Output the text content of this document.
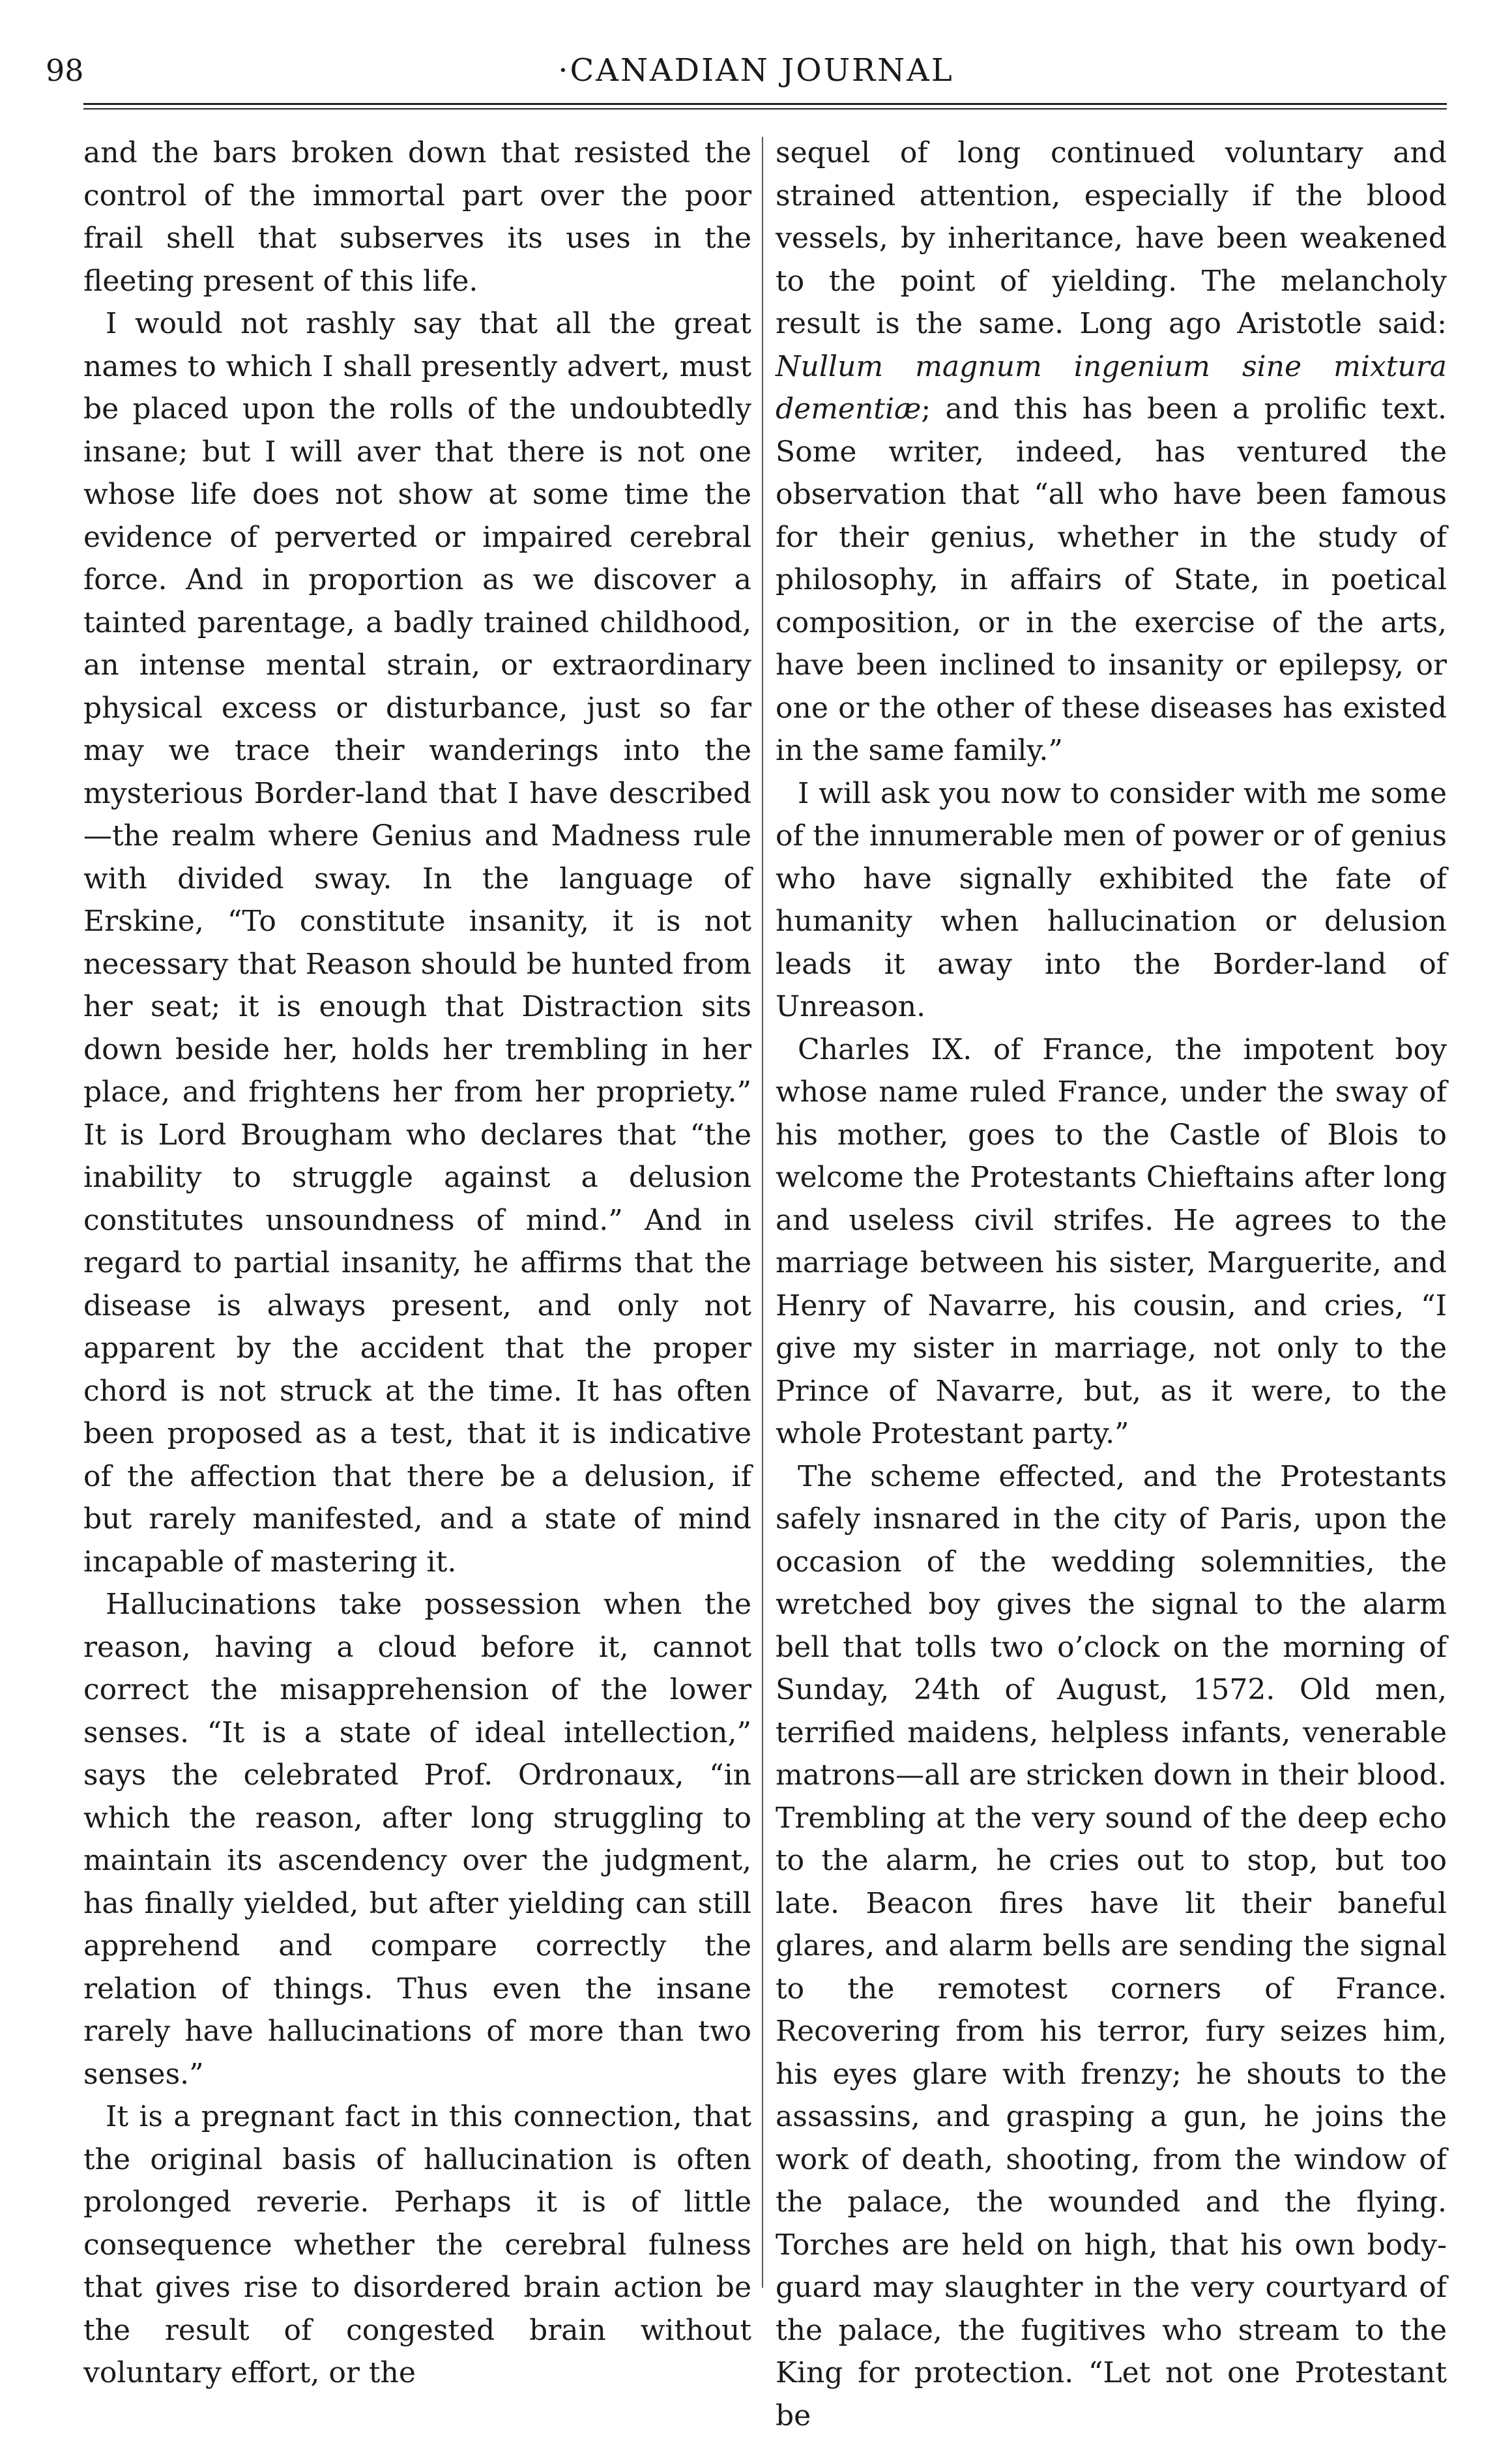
98	·CANADIAN JOURNAL

and the bars broken down that resisted the control of the immortal part over the poor frail shell that subserves its uses in the fleeting present of this life.

I would not rashly say that all the great names to which I shall presently advert, must be placed upon the rolls of the undoubtedly insane; but I will aver that there is not one whose life does not show at some time the evidence of perverted or impaired cerebral force. And in proportion as we discover a tainted parentage, a badly trained childhood, an intense mental strain, or extraordinary physical excess or disturbance, just so far may we trace their wanderings into the mysterious Border-land that I have described—the realm where Genius and Madness rule with divided sway. In the language of Erskine, “To constitute insanity, it is not necessary that Reason should be hunted from her seat; it is enough that Distraction sits down beside her, holds her trembling in her place, and frightens her from her propriety.” It is Lord Brougham who declares that “the inability to struggle against a delusion constitutes unsoundness of mind.” And in regard to partial insanity, he affirms that the disease is always present, and only not apparent by the accident that the proper chord is not struck at the time. It has often been proposed as a test, that it is indicative of the affection that there be a delusion, if but rarely manifested, and a state of mind incapable of mastering it.

Hallucinations take possession when the reason, having a cloud before it, cannot correct the misapprehension of the lower senses. “It is a state of ideal intellection,” says the celebrated Prof. Ordronaux, “in which the reason, after long struggling to maintain its ascendency over the judgment, has finally yielded, but after yielding can still apprehend and compare correctly the relation of things. Thus even the insane rarely have hallucinations of more than two senses.”

It is a pregnant fact in this connection, that the original basis of hallucination is often prolonged reverie. Perhaps it is of little consequence whether the cerebral fulness that gives rise to disordered brain action be the result of congested brain without voluntary effort, or the

sequel of long continued voluntary and strained attention, especially if the blood vessels, by inheritance, have been weakened to the point of yielding. The melancholy result is the same. Long ago Aristotle said: Nullum magnum ingenium sine mixtura dementiæ; and this has been a prolific text. Some writer, indeed, has ventured the observation that “all who have been famous for their genius, whether in the study of philosophy, in affairs of State, in poetical composition, or in the exercise of the arts, have been inclined to insanity or epilepsy, or one or the other of these diseases has existed in the same family.”

I will ask you now to consider with me some of the innumerable men of power or of genius who have signally exhibited the fate of humanity when hallucination or delusion leads it away into the Border-land of Unreason.

Charles IX. of France, the impotent boy whose name ruled France, under the sway of his mother, goes to the Castle of Blois to welcome the Protestants Chieftains after long and useless civil strifes. He agrees to the marriage between his sister, Marguerite, and Henry of Navarre, his cousin, and cries, “I give my sister in marriage, not only to the Prince of Navarre, but, as it were, to the whole Protestant party.”

The scheme effected, and the Protestants safely insnared in the city of Paris, upon the occasion of the wedding solemnities, the wretched boy gives the signal to the alarm bell that tolls two o’clock on the morning of Sunday, 24th of August, 1572. Old men, terrified maidens, helpless infants, venerable matrons—all are stricken down in their blood. Trembling at the very sound of the deep echo to the alarm, he cries out to stop, but too late. Beacon fires have lit their baneful glares, and alarm bells are sending the signal to the remotest corners of France. Recovering from his terror, fury seizes him, his eyes glare with frenzy; he shouts to the assassins, and grasping a gun, he joins the work of death, shooting, from the window of the palace, the wounded and the flying. Torches are held on high, that his own body-guard may slaughter in the very courtyard of the palace, the fugitives who stream to the King for protection. “Let not one Protestant be
